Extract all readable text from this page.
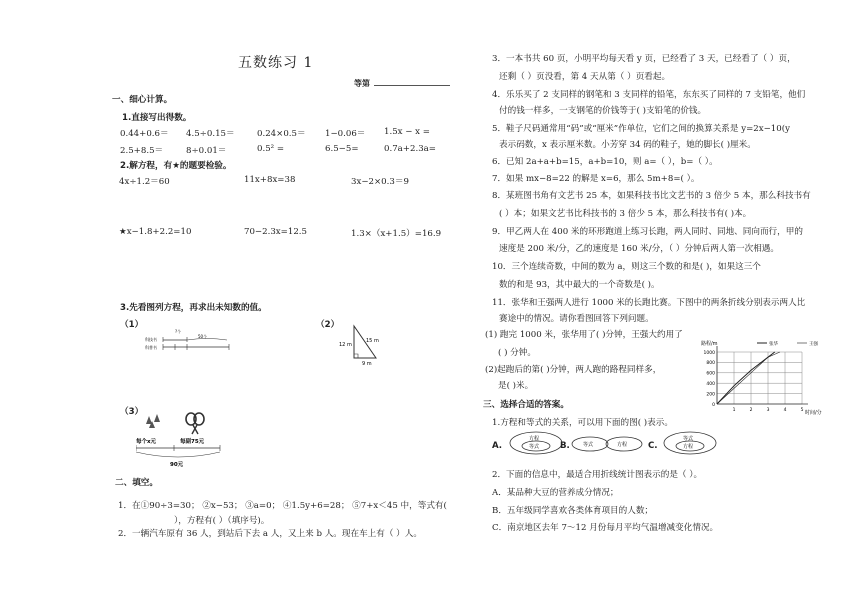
五数练习 1
等第
一、细心计算。
1.直接写出得数。
0.44+0.6＝ 4.5÷0.15＝	0.24×0.5＝ 1−0.06＝ 1.5x − x =
2.5+8.5＝	8÷0.01＝	0.5² =	6.5−5=	0.7a+2.3a=
2.解方程，有★的题要检验。
4x÷1.2＝60	11x+8x=38	3x−2×0.3＝9
★x−1.8+2.2=10	70−2.3x=12.5	1.3×（x+1.5）=16.9
3.先看图列方程，再求出未知数的值。
（1）	（2）
（3）
?个
50个
科技书
科普书	12 m
15 m
9 m
每个x元	每副75元
90元
二、填空。
1．在①90÷3=30； ②x−53； ③a=0； ④1.5y+6=28； ⑤7+x＜45 中，等式有(
），方程有( ）（填序号)。
2．一辆汽车原有 36 人，到站后下去 a 人，又上来 b 人。现在车上有（ ）人。
3．一本书共 60 页，小明平均每天看 y 页，已经看了 3 天，已经看了（ ）页，
还剩（ ）页没看，第 4 天从第（ ）页看起。
4．乐乐买了 2 支同样的钢笔和 3 支同样的铅笔，东东买了同样的 7 支铅笔，他们
付的钱一样多，一支钢笔的价钱等于( )支铅笔的价钱。
5．鞋子尺码通常用“码”或“厘米”作单位，它们之间的换算关系是 y=2x−10(y
表示码数，x 表示厘米数。小芳穿 34 码的鞋子，她的脚长( )厘米。
6．已知 2a+a+b=15，a+b=10，则 a=（ ），b=（ ）。
7．如果 mx−8=22 的解是 x=6，那么 5m+8=( ）。
8．某班图书角有文艺书 25 本，如果科技书比文艺书的 3 倍少 5 本，那么科技书有
( ）本；如果文艺书比科技书的 3 倍少 5 本，那么科技书有( )本。
9．甲乙两人在 400 米的环形跑道上练习长跑，两人同时、同地、同向而行，甲的
速度是 200 米/分，乙的速度是 160 米/分，（ ）分钟后两人第一次相遇。
10．三个连续奇数，中间的数为 a，则这三个数的和是( )，如果这三个
数的和是 93，其中最大的一个奇数是( )。
11．张华和王强两人进行 1000 米的长跑比赛。下图中的两条折线分别表示两人比
赛途中的情况。请你看图回答下列问题。
(1) 跑完 1000 米，张华用了( )分钟，王强大约用了
( ) 分钟。
(2)起跑后的第( )分钟，两人跑的路程同样多，
是( )米。
路程/m
时间/分
张华	王强
0
200
400
600
800
1000
1	2	3	4	5
三、选择合适的答案。
1.方程和等式的关系，可以用下面的图( )表示。
A.
方程
等式 B.	等式	方程 C.
等式
方程
2．下面的信息中，最适合用折线统计图表示的是（ ）。
A．某品种大豆的营养成分情况；
B．五年级同学喜欢各类体育项目的人数；
C．南京地区去年 7～12 月份每月平均气温增减变化情况。
